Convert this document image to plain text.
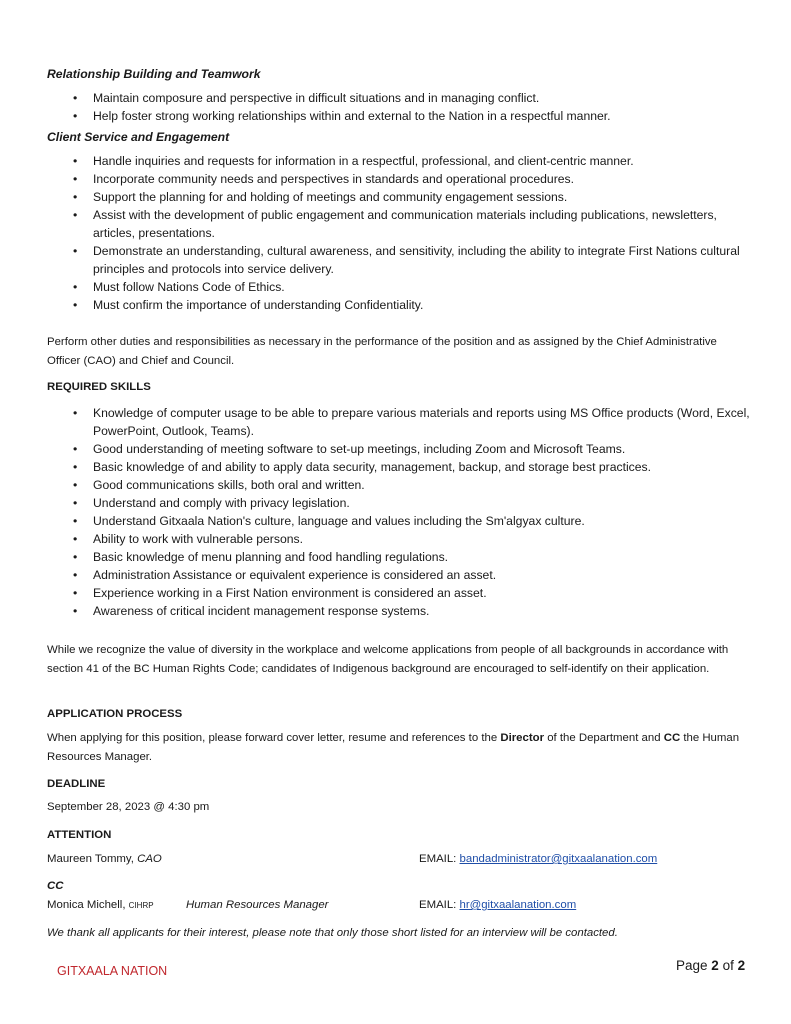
Relationship Building and Teamwork

• Maintain composure and perspective in difficult situations and in managing conflict.
• Help foster strong working relationships within and external to the Nation in a respectful manner.

Client Service and Engagement

• Handle inquiries and requests for information in a respectful, professional, and client-centric manner.
• Incorporate community needs and perspectives in standards and operational procedures.
• Support the planning for and holding of meetings and community engagement sessions.
• Assist with the development of public engagement and communication materials including publications, newsletters, articles, presentations.
• Demonstrate an understanding, cultural awareness, and sensitivity, including the ability to integrate First Nations cultural principles and protocols into service delivery.
• Must follow Nations Code of Ethics.
• Must confirm the importance of understanding Confidentiality.

Perform other duties and responsibilities as necessary in the performance of the position and as assigned by the Chief Administrative Officer (CAO) and Chief and Council.

REQUIRED SKILLS

• Knowledge of computer usage to be able to prepare various materials and reports using MS Office products (Word, Excel, PowerPoint, Outlook, Teams).
• Good understanding of meeting software to set-up meetings, including Zoom and Microsoft Teams.
• Basic knowledge of and ability to apply data security, management, backup, and storage best practices.
• Good communications skills, both oral and written.
• Understand and comply with privacy legislation.
• Understand Gitxaala Nation's culture, language and values including the Sm'algyax culture.
• Ability to work with vulnerable persons.
• Basic knowledge of menu planning and food handling regulations.
• Administration Assistance or equivalent experience is considered an asset.
• Experience working in a First Nation environment is considered an asset.
• Awareness of critical incident management response systems.

While we recognize the value of diversity in the workplace and welcome applications from people of all backgrounds in accordance with section 41 of the BC Human Rights Code; candidates of Indigenous background are encouraged to self-identify on their application.

APPLICATION PROCESS

When applying for this position, please forward cover letter, resume and references to the Director of the Department and CC the Human Resources Manager.

DEADLINE

September 28, 2023 @ 4:30 pm

ATTENTION

Maureen Tommy, CAO	EMAIL: bandadministrator@gitxaalanation.com

CC

Monica Michell, CIHRP	Human Resources Manager	EMAIL: hr@gitxaalanation.com

We thank all applicants for their interest, please note that only those short listed for an interview will be contacted.

GITXAALA NATION	Page 2 of 2
